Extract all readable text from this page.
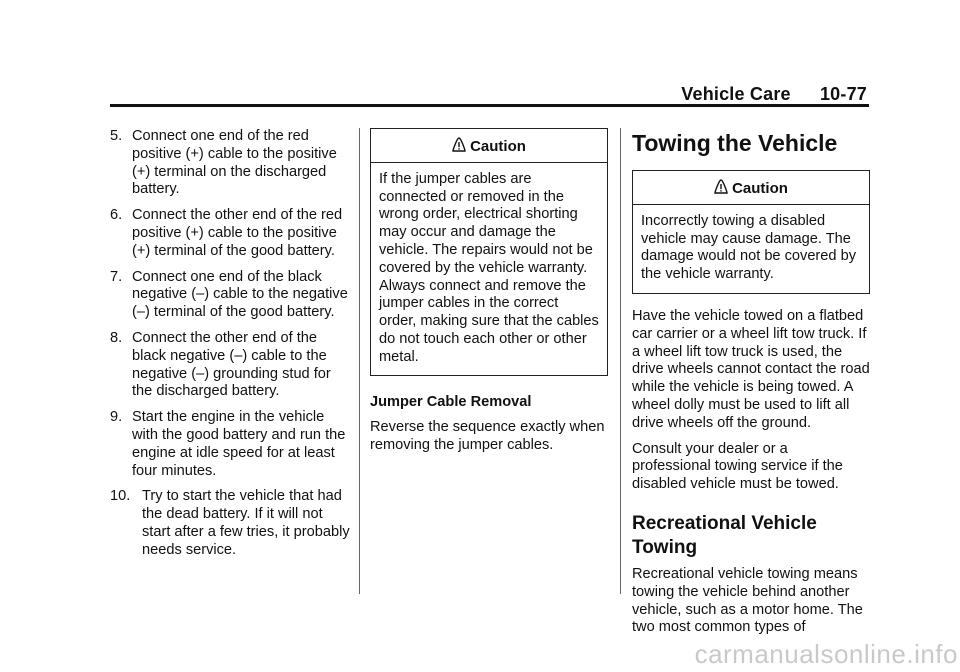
Vehicle Care 10-77
5. Connect one end of the red positive (+) cable to the positive (+) terminal on the discharged battery.
6. Connect the other end of the red positive (+) cable to the positive (+) terminal of the good battery.
7. Connect one end of the black negative (–) cable to the negative (–) terminal of the good battery.
8. Connect the other end of the black negative (–) cable to the negative (–) grounding stud for the discharged battery.
9. Start the engine in the vehicle with the good battery and run the engine at idle speed for at least four minutes.
10. Try to start the vehicle that had the dead battery. If it will not start after a few tries, it probably needs service.
Caution
If the jumper cables are connected or removed in the wrong order, electrical shorting may occur and damage the vehicle. The repairs would not be covered by the vehicle warranty. Always connect and remove the jumper cables in the correct order, making sure that the cables do not touch each other or other metal.
Jumper Cable Removal

Reverse the sequence exactly when removing the jumper cables.

Towing the Vehicle
Caution
Incorrectly towing a disabled vehicle may cause damage. The damage would not be covered by the vehicle warranty.

Have the vehicle towed on a flatbed car carrier or a wheel lift tow truck. If a wheel lift tow truck is used, the drive wheels cannot contact the road while the vehicle is being towed. A wheel dolly must be used to lift all drive wheels off the ground.

Consult your dealer or a professional towing service if the disabled vehicle must be towed.

Recreational Vehicle Towing

Recreational vehicle towing means towing the vehicle behind another vehicle, such as a motor home. The two most common types of

carmanualsonline.info
